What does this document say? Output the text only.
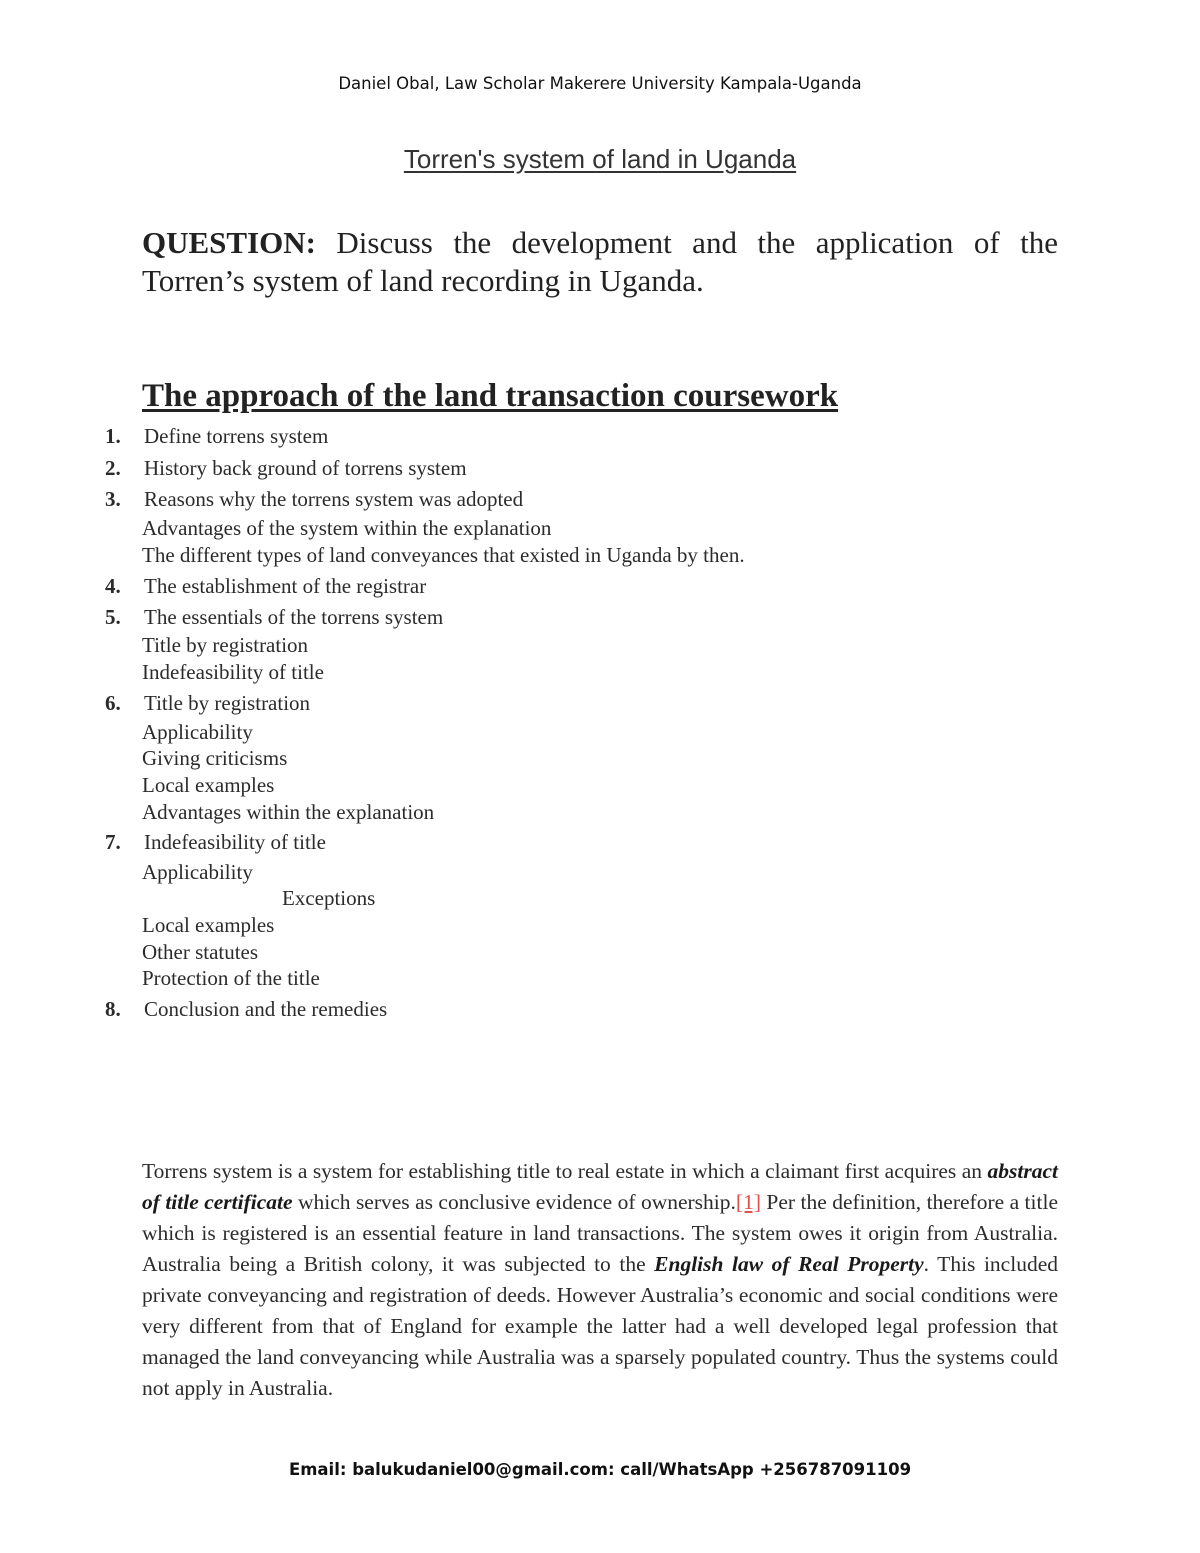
Daniel Obal, Law Scholar Makerere University Kampala-Uganda
Torren's system of land in Uganda
QUESTION: Discuss the development and the application of the Torren’s system of land recording in Uganda.
The approach of the land transaction coursework
1. Define torrens system
2. History back ground of torrens system
3. Reasons why the torrens system was adopted
Advantages of the system within the explanation
The different types of land conveyances that existed in Uganda by then.
4. The establishment of the registrar
5. The essentials of the torrens system
Title by registration
Indefeasibility of title
6. Title by registration
Applicability
Giving criticisms
Local examples
Advantages within the explanation
7. Indefeasibility of title
Applicability
Exceptions
Local examples
Other statutes
Protection of the title
8. Conclusion and the remedies
Torrens system is a system for establishing title to real estate in which a claimant first acquires an abstract of title certificate which serves as conclusive evidence of ownership.[1] Per the definition, therefore a title which is registered is an essential feature in land transactions. The system owes it origin from Australia. Australia being a British colony, it was subjected to the English law of Real Property. This included private conveyancing and registration of deeds. However Australia’s economic and social conditions were very different from that of England for example the latter had a well developed legal profession that managed the land conveyancing while Australia was a sparsely populated country. Thus the systems could not apply in Australia.
Email: balukudaniel00@gmail.com: call/WhatsApp +256787091109
